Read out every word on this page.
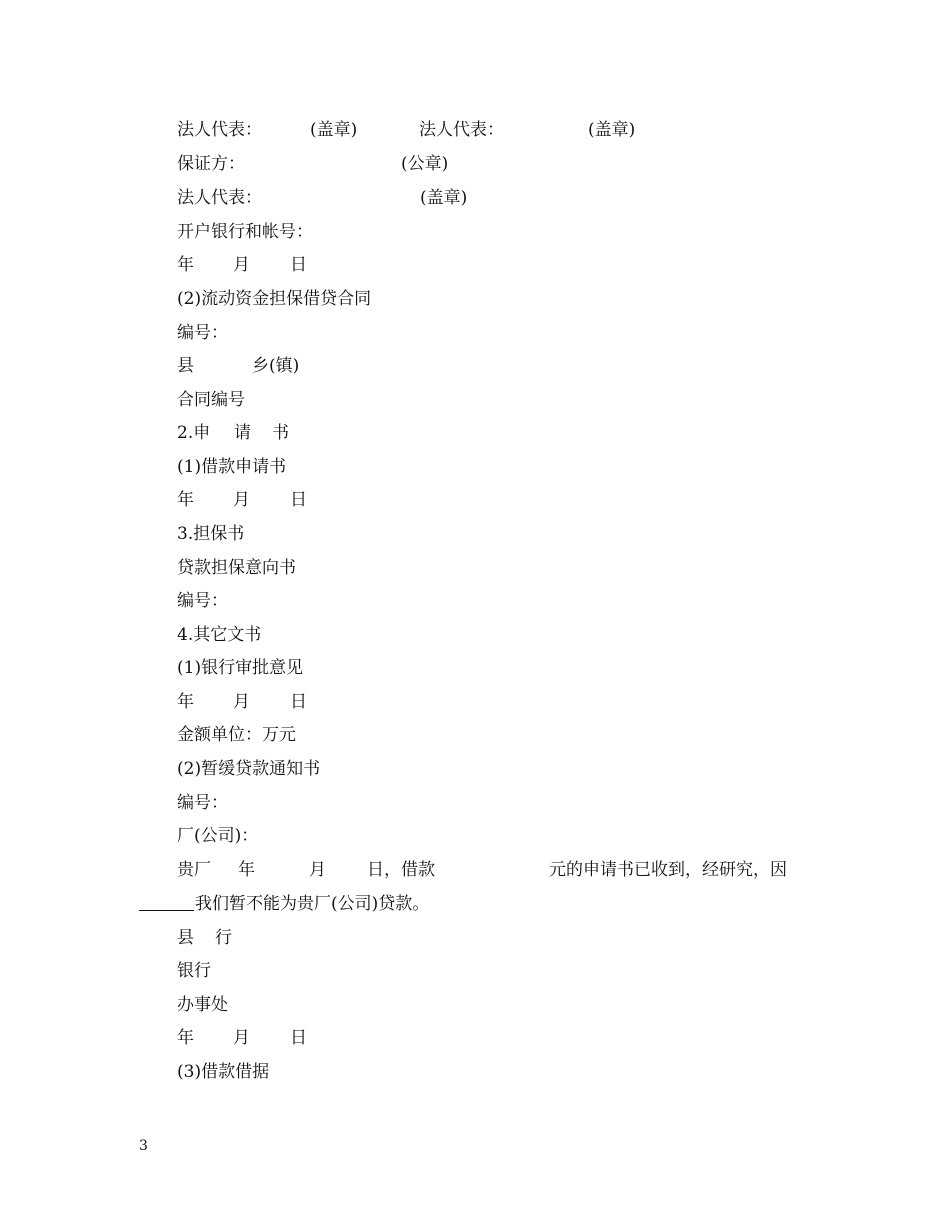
法人代表：

	(盖章)

	法人代表：

	(盖章)

保证方：

	(公章)

法人代表：

	(盖章)

开户银行和帐号：

年

月

日

(2)流动资金担保借贷合同
编号：

县

	乡(镇)

合同编号

2.申

请

书

(1)借款申请书

年

月

日

3.担保书
贷款担保意向书
编号：
4.其它文书
(1)银行审批意见

年

月

日

金额单位：万元
(2)暂缓贷款通知书
编号：
厂(公司)：

贵厂

年

	月

日，借款

	元的申请书已收到，经研究，因

我们暂不能为贵厂(公司)贷款。

县

行

银行
办事处

年

月

日

(3)借款借据
3
